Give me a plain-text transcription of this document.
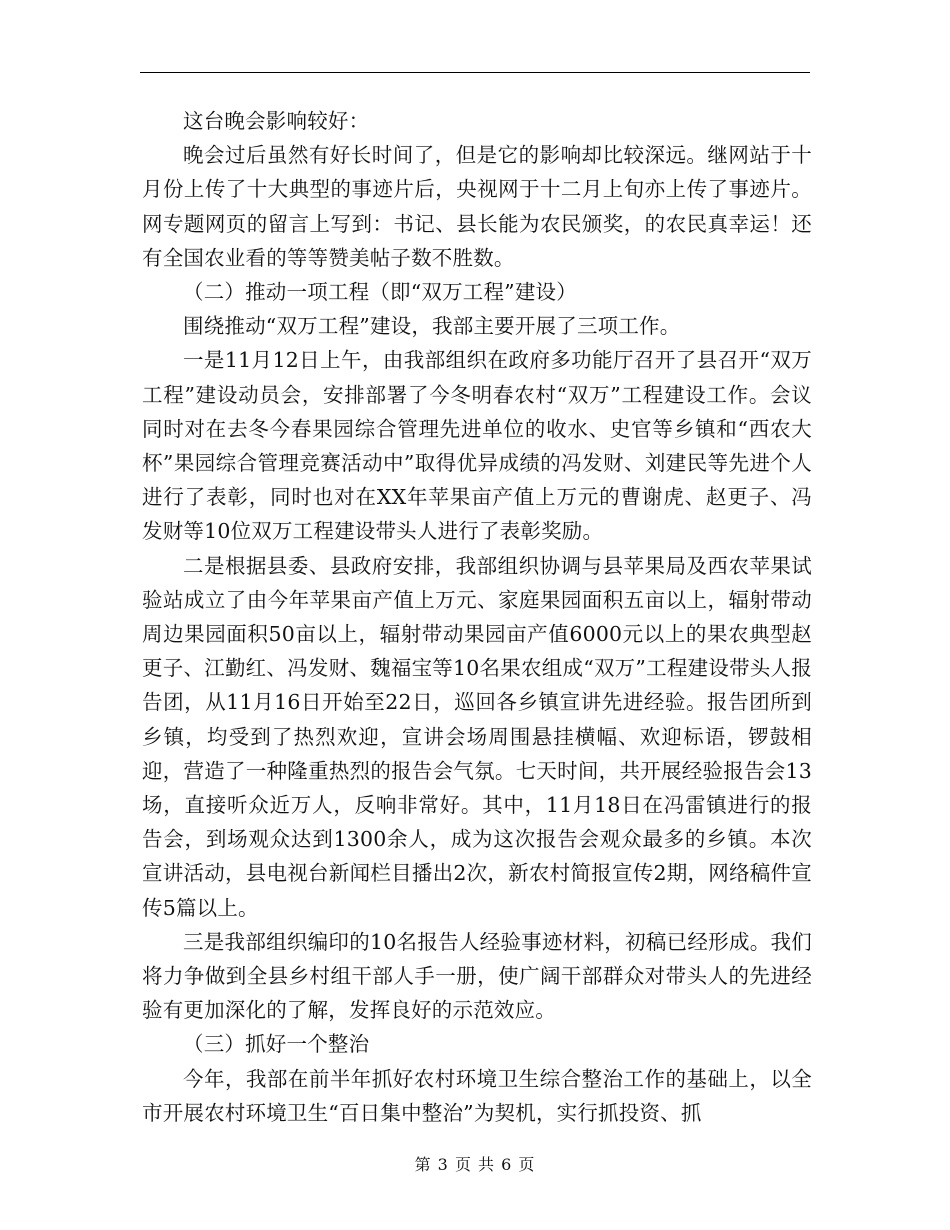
这台晚会影响较好：

晚会过后虽然有好长时间了，但是它的影响却比较深远。继网站于十月份上传了十大典型的事迹片后，央视网于十二月上旬亦上传了事迹片。网专题网页的留言上写到：书记、县长能为农民颁奖，的农民真幸运！还有全国农业看的等等赞美帖子数不胜数。

（二）推动一项工程（即“双万工程”建设）

围绕推动“双万工程”建设，我部主要开展了三项工作。

一是11月12日上午，由我部组织在政府多功能厅召开了县召开“双万工程”建设动员会，安排部署了今冬明春农村“双万”工程建设工作。会议同时对在去冬今春果园综合管理先进单位的收水、史官等乡镇和“西农大杯”果园综合管理竞赛活动中”取得优异成绩的冯发财、刘建民等先进个人进行了表彰，同时也对在XX年苹果亩产值上万元的曹谢虎、赵更子、冯发财等10位双万工程建设带头人进行了表彰奖励。

二是根据县委、县政府安排，我部组织协调与县苹果局及西农苹果试验站成立了由今年苹果亩产值上万元、家庭果园面积五亩以上，辐射带动周边果园面积50亩以上，辐射带动果园亩产值6000元以上的果农典型赵更子、江勤红、冯发财、魏福宝等10名果农组成“双万”工程建设带头人报告团，从11月16日开始至22日，巡回各乡镇宣讲先进经验。报告团所到乡镇，均受到了热烈欢迎，宣讲会场周围悬挂横幅、欢迎标语，锣鼓相迎，营造了一种隆重热烈的报告会气氛。七天时间，共开展经验报告会13场，直接听众近万人，反响非常好。其中，11月18日在冯雷镇进行的报告会，到场观众达到1300余人，成为这次报告会观众最多的乡镇。本次宣讲活动，县电视台新闻栏目播出2次，新农村简报宣传2期，网络稿件宣传5篇以上。

三是我部组织编印的10名报告人经验事迹材料，初稿已经形成。我们将力争做到全县乡村组干部人手一册，使广阔干部群众对带头人的先进经验有更加深化的了解，发挥良好的示范效应。

（三）抓好一个整治

今年，我部在前半年抓好农村环境卫生综合整治工作的基础上，以全市开展农村环境卫生“百日集中整治”为契机，实行抓投资、抓

第 3 页 共 6 页
